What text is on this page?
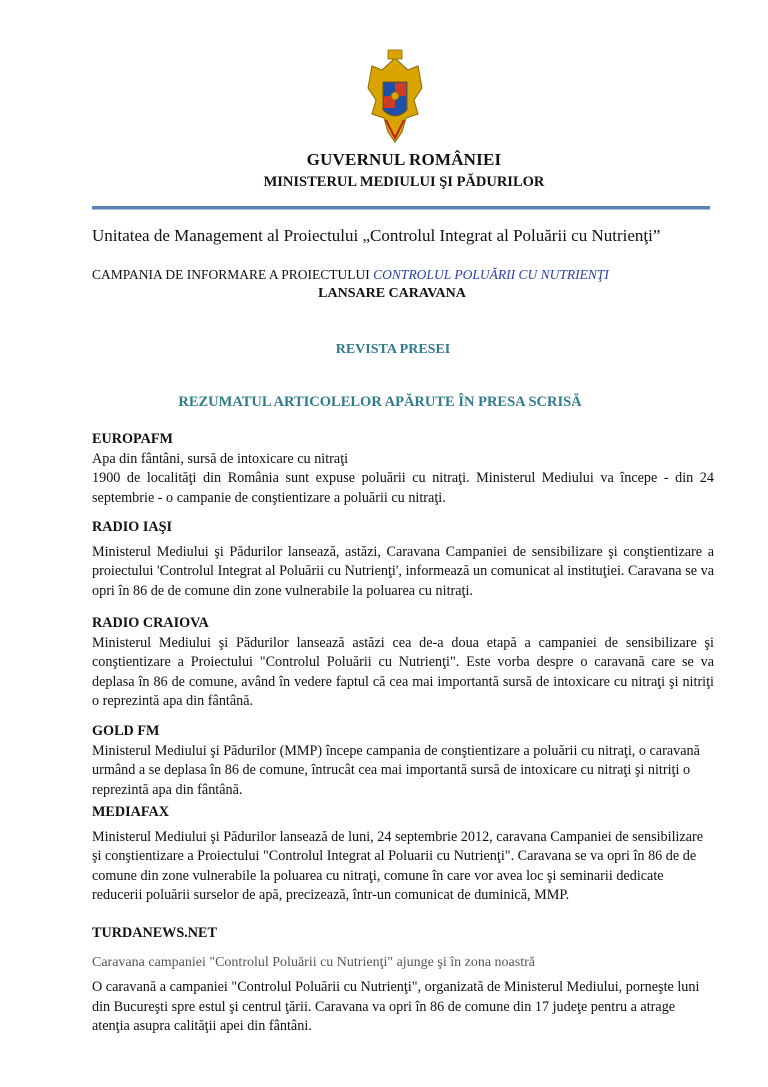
GUVERNUL ROMÂNIEI
MINISTERUL MEDIULUI ŞI PĂDURILOR
Unitatea de Management al Proiectului „Controlul Integrat al Poluării cu Nutrienţi”
CAMPANIA DE INFORMARE A PROIECTULUI CONTROLUL POLUĂRII CU NUTRIENŢI
LANSARE CARAVANA
REVISTA PRESEI
REZUMATUL ARTICOLELOR APĂRUTE ÎN PRESA SCRISĂ
EUROPAFM

Apa din fântâni, sursă de intoxicare cu nitraţi

1900 de localităţi din România sunt expuse poluării cu nitraţi. Ministerul Mediului va începe - din 24 septembrie - o campanie de conştientizare a poluării cu nitraţi.

RADIO IAŞI

Ministerul Mediului şi Pădurilor lansează, astăzi, Caravana Campaniei de sensibilizare şi conştientizare a proiectului 'Controlul Integrat al Poluării cu Nutrienţi', informează un comunicat al instituţiei. Caravana se va opri în 86 de de comune din zone vulnerabile la poluarea cu nitraţi.

RADIO CRAIOVA

Ministerul Mediului şi Pădurilor lansează astăzi cea de-a doua etapă a campaniei de sensibilizare şi conştientizare a Proiectului "Controlul Poluării cu Nutrienţi". Este vorba despre o caravană care se va deplasa în 86 de comune, având în vedere faptul că cea mai importantă sursă de intoxicare cu nitraţi şi nitriţi o reprezintă apa din fântână.

GOLD FM

Ministerul Mediului şi Pădurilor (MMP) începe campania de conştientizare a poluării cu nitraţi, o caravană urmând a se deplasa în 86 de comune, întrucât cea mai importantă sursă de intoxicare cu nitraţi şi nitriţi o reprezintă apa din fântână.

MEDIAFAX

Ministerul Mediului şi Pădurilor lansează de luni, 24 septembrie 2012, caravana Campaniei de sensibilizare şi conştientizare a Proiectului "Controlul Integrat al Poluarii cu Nutrienţi". Caravana se va opri în 86 de de comune din zone vulnerabile la poluarea cu nitraţi, comune în care vor avea loc şi seminarii dedicate reducerii poluării surselor de apă, precizează, într-un comunicat de duminică, MMP.

TURDANEWS.NET

Caravana campaniei "Controlul Poluării cu Nutrienţi" ajunge şi în zona noastră

O caravană a campaniei "Controlul Poluării cu Nutrienţi", organizată de Ministerul Mediului, porneşte luni din Bucureşti spre estul şi centrul ţării. Caravana va opri în 86 de comune din 17 judeţe pentru a atrage atenţia asupra calităţii apei din fântâni.
